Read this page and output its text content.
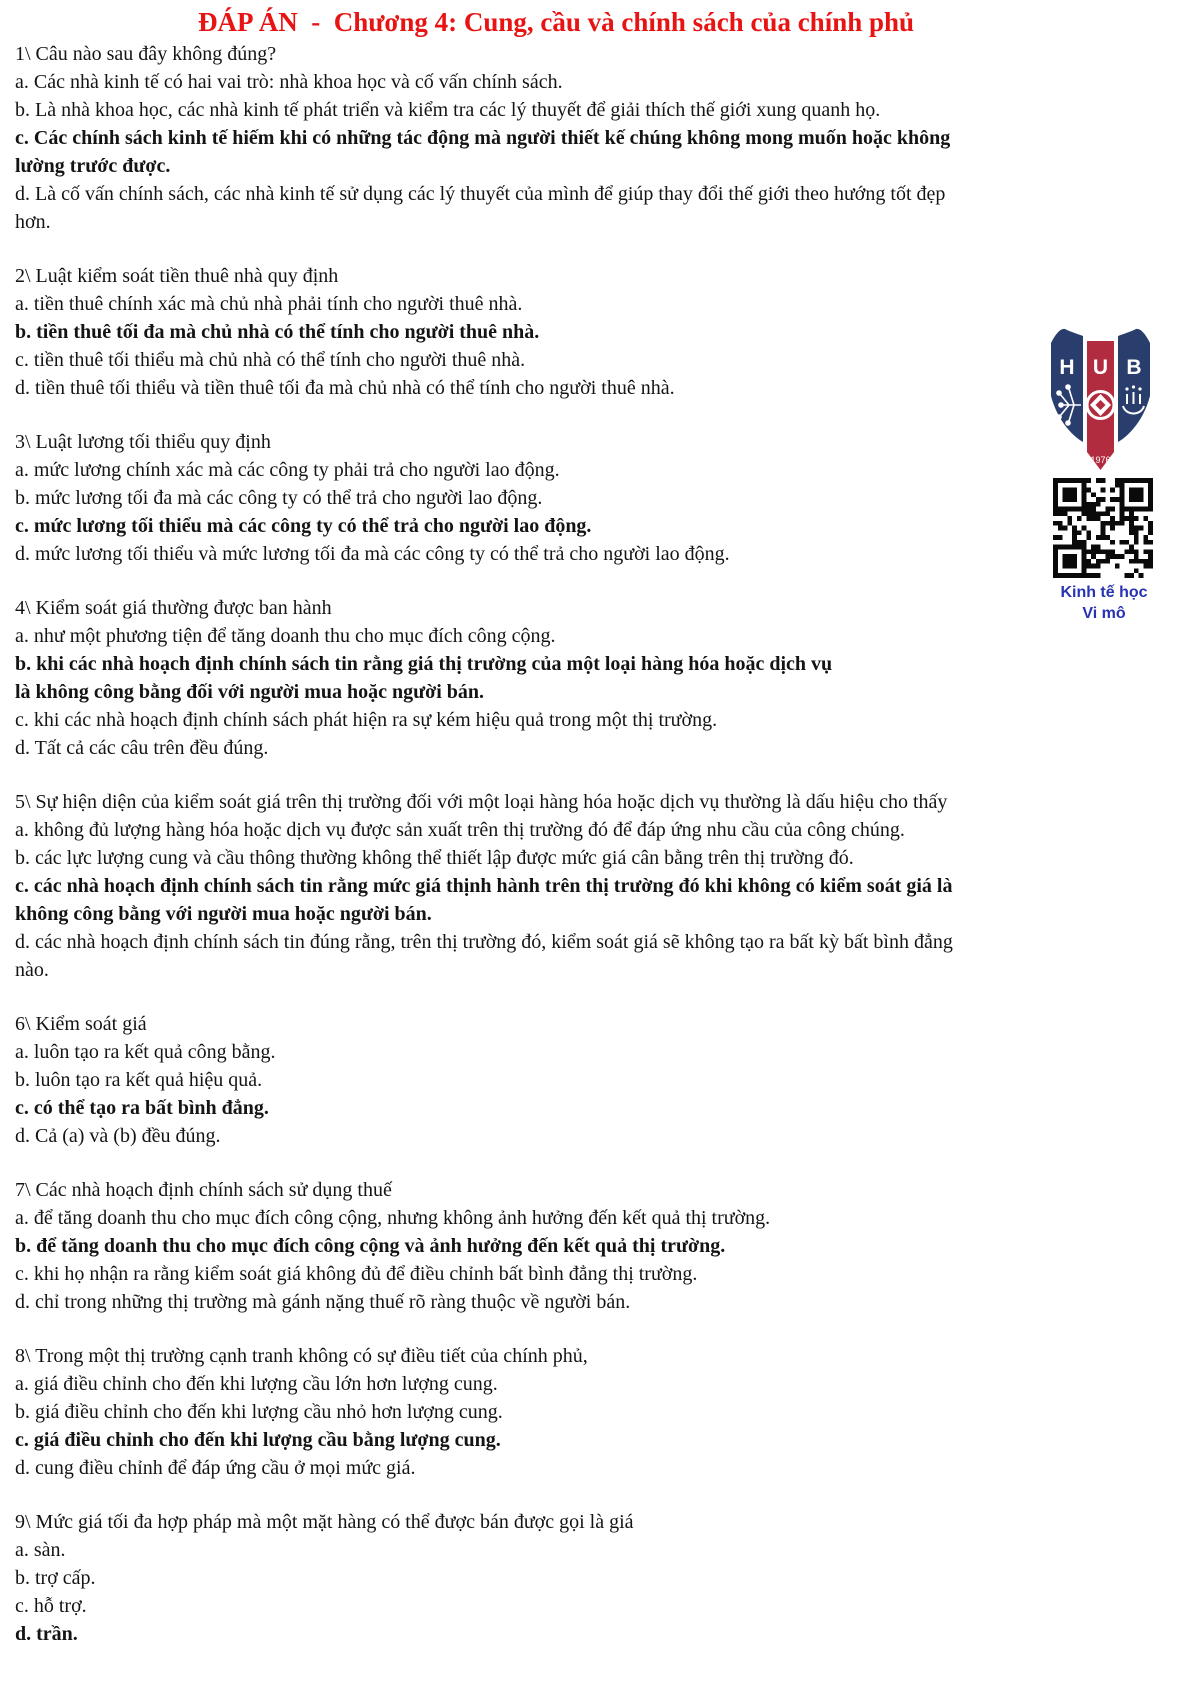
ĐÁP ÁN  -  Chương 4: Cung, cầu và chính sách của chính phủ
1\ Câu nào sau đây không đúng?
a. Các nhà kinh tế có hai vai trò: nhà khoa học và cố vấn chính sách.
b. Là nhà khoa học, các nhà kinh tế phát triển và kiểm tra các lý thuyết để giải thích thế giới xung quanh họ.
c. Các chính sách kinh tế hiếm khi có những tác động mà người thiết kế chúng không mong muốn hoặc không
lường trước được.
d. Là cố vấn chính sách, các nhà kinh tế sử dụng các lý thuyết của mình để giúp thay đổi thế giới theo hướng tốt đẹp
hơn.
2\ Luật kiểm soát tiền thuê nhà quy định
a. tiền thuê chính xác mà chủ nhà phải tính cho người thuê nhà.
b. tiền thuê tối đa mà chủ nhà có thể tính cho người thuê nhà.
c. tiền thuê tối thiểu mà chủ nhà có thể tính cho người thuê nhà.
d. tiền thuê tối thiểu và tiền thuê tối đa mà chủ nhà có thể tính cho người thuê nhà.
3\ Luật lương tối thiểu quy định
a. mức lương chính xác mà các công ty phải trả cho người lao động.
b. mức lương tối đa mà các công ty có thể trả cho người lao động.
c. mức lương tối thiểu mà các công ty có thể trả cho người lao động.
d. mức lương tối thiểu và mức lương tối đa mà các công ty có thể trả cho người lao động.
4\ Kiểm soát giá thường được ban hành
a. như một phương tiện để tăng doanh thu cho mục đích công cộng.
b. khi các nhà hoạch định chính sách tin rằng giá thị trường của một loại hàng hóa hoặc dịch vụ
là không công bằng đối với người mua hoặc người bán.
c. khi các nhà hoạch định chính sách phát hiện ra sự kém hiệu quả trong một thị trường.
d. Tất cả các câu trên đều đúng.
5\ Sự hiện diện của kiểm soát giá trên thị trường đối với một loại hàng hóa hoặc dịch vụ thường là dấu hiệu cho thấy
a. không đủ lượng hàng hóa hoặc dịch vụ được sản xuất trên thị trường đó để đáp ứng nhu cầu của công chúng.
b. các lực lượng cung và cầu thông thường không thể thiết lập được mức giá cân bằng trên thị trường đó.
c. các nhà hoạch định chính sách tin rằng mức giá thịnh hành trên thị trường đó khi không có kiểm soát giá là
không công bằng với người mua hoặc người bán.
d. các nhà hoạch định chính sách tin đúng rằng, trên thị trường đó, kiểm soát giá sẽ không tạo ra bất kỳ bất bình đẳng
nào.
6\ Kiểm soát giá
a. luôn tạo ra kết quả công bằng.
b. luôn tạo ra kết quả hiệu quả.
c. có thể tạo ra bất bình đẳng.
d. Cả (a) và (b) đều đúng.
7\ Các nhà hoạch định chính sách sử dụng thuế
a. để tăng doanh thu cho mục đích công cộng, nhưng không ảnh hưởng đến kết quả thị trường.
b. để tăng doanh thu cho mục đích công cộng và ảnh hưởng đến kết quả thị trường.
c. khi họ nhận ra rằng kiểm soát giá không đủ để điều chỉnh bất bình đẳng thị trường.
d. chỉ trong những thị trường mà gánh nặng thuế rõ ràng thuộc về người bán.
8\ Trong một thị trường cạnh tranh không có sự điều tiết của chính phủ,
a. giá điều chỉnh cho đến khi lượng cầu lớn hơn lượng cung.
b. giá điều chỉnh cho đến khi lượng cầu nhỏ hơn lượng cung.
c. giá điều chỉnh cho đến khi lượng cầu bằng lượng cung.
d. cung điều chỉnh để đáp ứng cầu ở mọi mức giá.
9\ Mức giá tối đa hợp pháp mà một mặt hàng có thể được bán được gọi là giá
a. sàn.
b. trợ cấp.
c. hỗ trợ.
d. trần.
H U B
1976
Kinh tế học
Vi mô
